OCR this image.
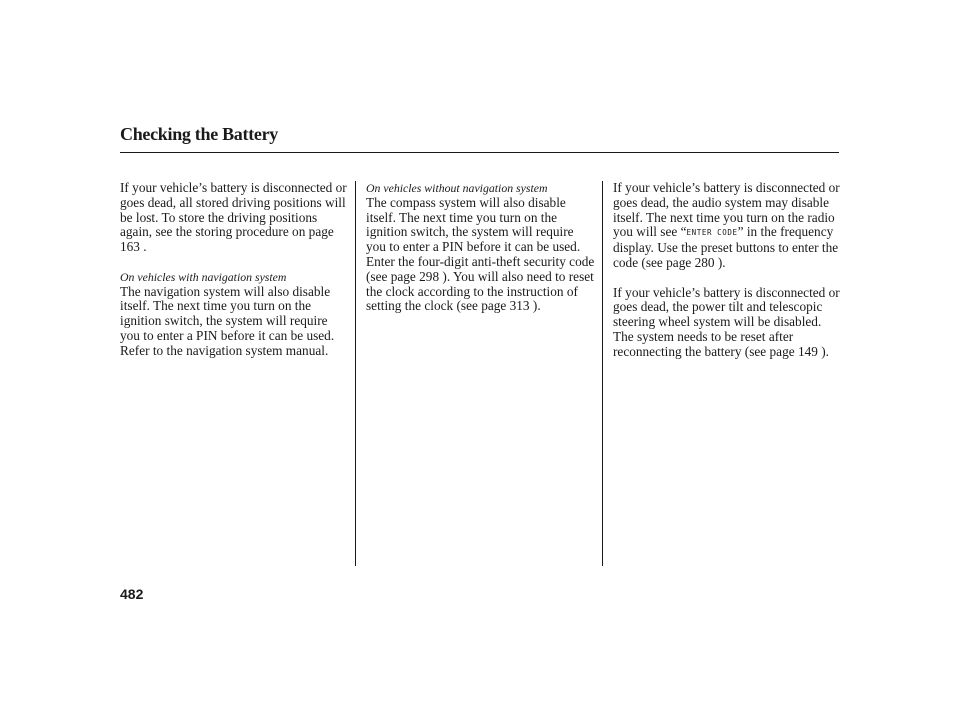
Checking the Battery

If your vehicle’s battery is disconnected or goes dead, all stored driving positions will be lost. To store the driving positions again, see the storing procedure on page 163 .

On vehicles with navigation system

The navigation system will also disable itself. The next time you turn on the ignition switch, the system will require you to enter a PIN before it can be used. Refer to the navigation system manual.

On vehicles without navigation system

The compass system will also disable itself. The next time you turn on the ignition switch, the system will require you to enter a PIN before it can be used. Enter the four-digit anti-theft security code (see page 298 ). You will also need to reset the clock according to the instruction of setting the clock (see page 313 ).

If your vehicle’s battery is disconnected or goes dead, the audio system may disable itself. The next time you turn on the radio you will see “ENTER CODE” in the frequency display. Use the preset buttons to enter the code (see page 280 ).

If your vehicle’s battery is disconnected or goes dead, the power tilt and telescopic steering wheel system will be disabled. The system needs to be reset after reconnecting the battery (see page 149 ).

482
